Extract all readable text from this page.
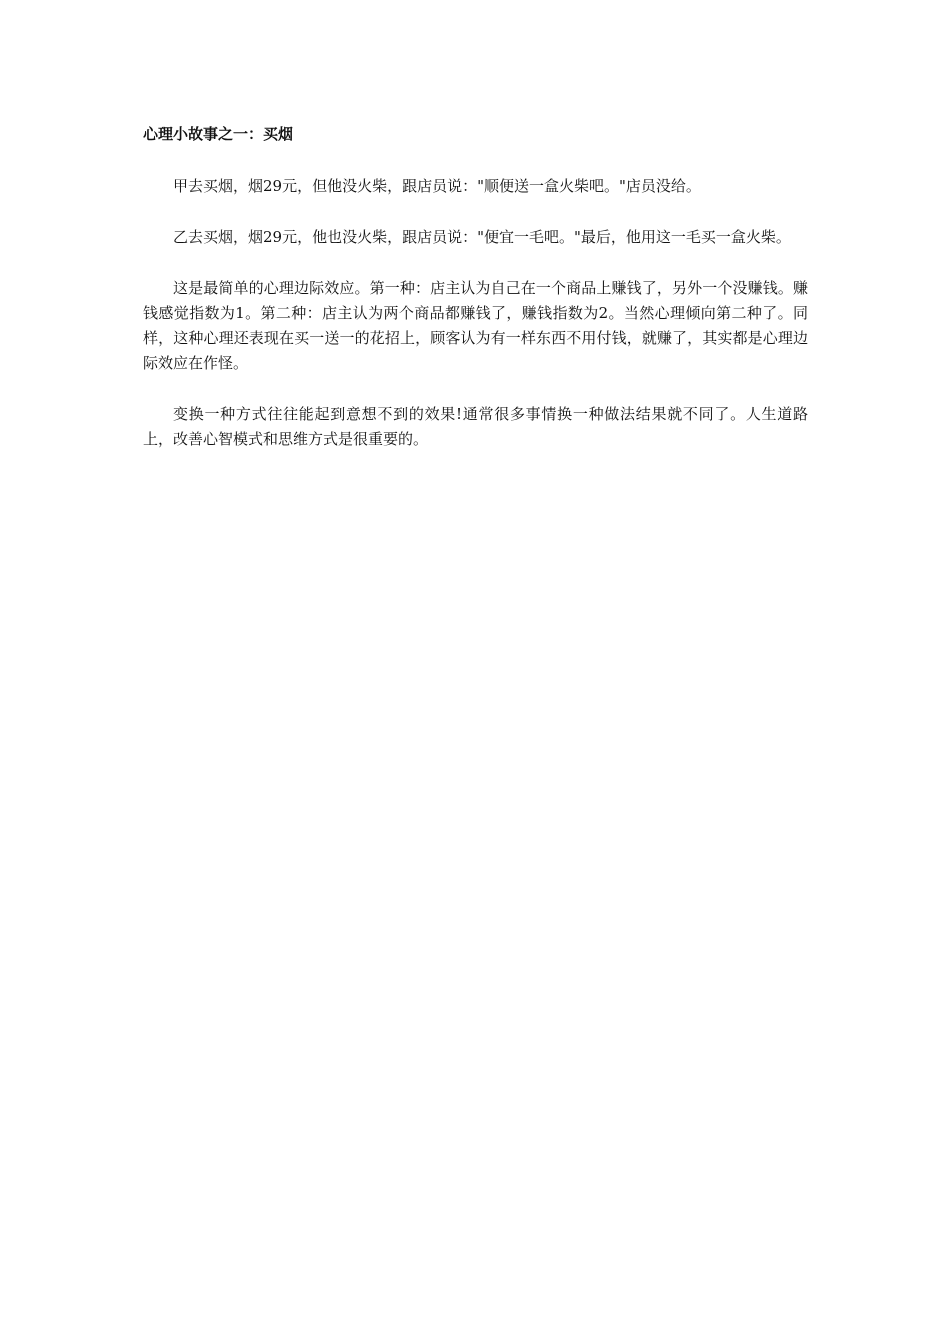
心理小故事之一：买烟

甲去买烟，烟29元，但他没火柴，跟店员说："顺便送一盒火柴吧。"店员没给。

乙去买烟，烟29元，他也没火柴，跟店员说："便宜一毛吧。"最后，他用这一毛买一盒火柴。

这是最简单的心理边际效应。第一种：店主认为自己在一个商品上赚钱了，另外一个没赚钱。赚钱感觉指数为1。第二种：店主认为两个商品都赚钱了，赚钱指数为2。当然心理倾向第二种了。同样，这种心理还表现在买一送一的花招上，顾客认为有一样东西不用付钱，就赚了，其实都是心理边际效应在作怪。

变换一种方式往往能起到意想不到的效果!通常很多事情换一种做法结果就不同了。人生道路上，改善心智模式和思维方式是很重要的。
